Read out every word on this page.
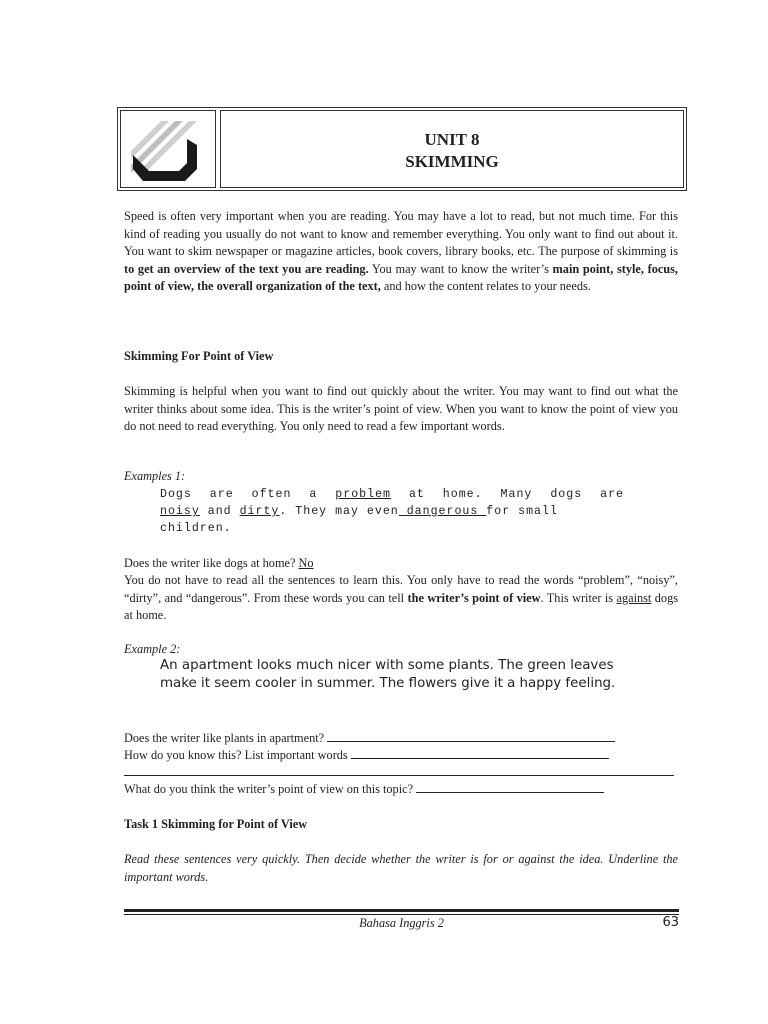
UNIT 8
SKIMMING
Speed is often very important when you are reading. You may have a lot to read, but not much time. For this kind of reading you usually do not want to know and remember everything. You only want to find out about it. You want to skim newspaper or magazine articles, book covers, library books, etc. The purpose of skimming is to get an overview of the text you are reading. You may want to know the writer’s main point, style, focus, point of view, the overall organization of the text, and how the content relates to your needs.
Skimming For Point of View
Skimming is helpful when you want to find out quickly about the writer. You may want to find out what the writer thinks about some idea. This is the writer’s point of view. When you want to know the point of view you do not need to read everything. You only need to read a few important words.
Examples 1:
Dogs are often a problem at home. Many dogs are
noisy and dirty. They may even dangerous for small
children.
Does the writer like dogs at home? No
You do not have to read all the sentences to learn this. You only have to read the words “problem”, “noisy”, “dirty”, and “dangerous”. From these words you can tell the writer’s point of view. This writer is against dogs at home.
Example 2:
An apartment looks much nicer with some plants. The green leaves make it seem cooler in summer. The flowers give it a happy feeling.
Does the writer like plants in apartment?
How do you know this? List important words
What do you think the writer’s point of view on this topic?
Task 1 Skimming for Point of View
Read these sentences very quickly. Then decide whether the writer is for or against the idea. Underline the important words.
Bahasa Inggris 2	63
